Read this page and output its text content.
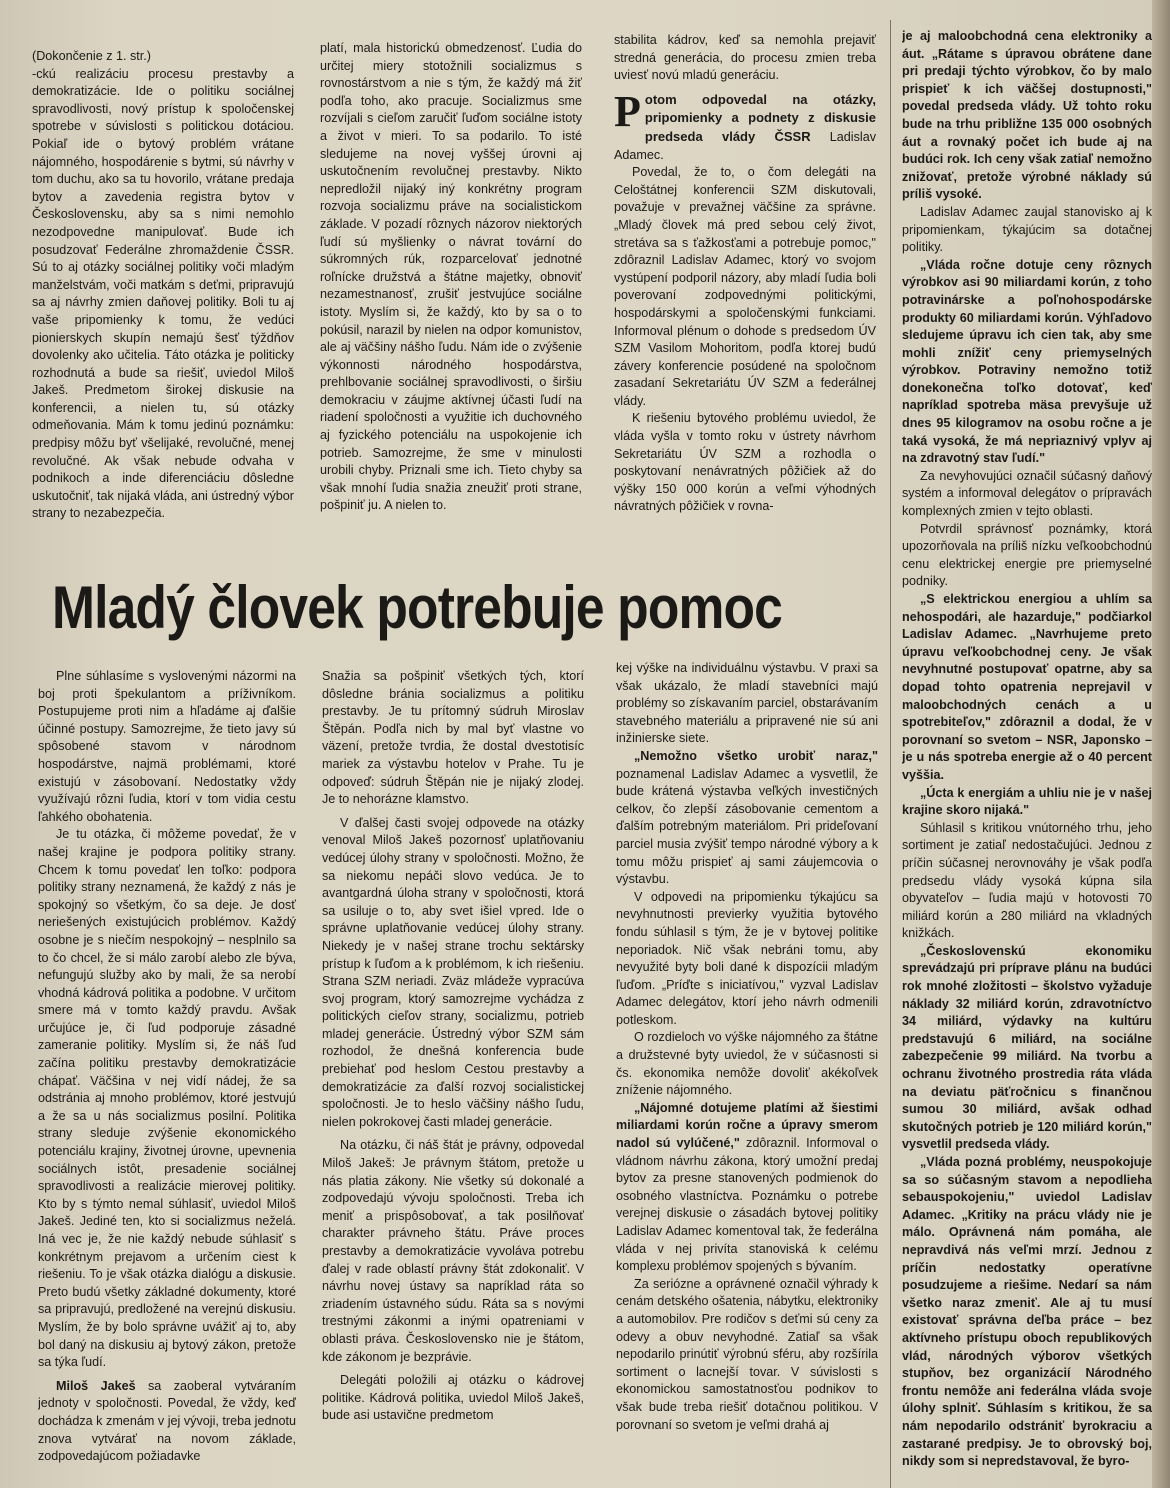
(Dokončenie z 1. str.)

-ckú realizáciu procesu prestavby a demokratizácie. Ide o politiku sociálnej spravodlivosti, nový prístup k spoločenskej spotrebe v súvislosti s politickou dotáciou. Pokiaľ ide o bytový problém vrátane nájomného, hospodárenie s bytmi, sú návrhy v tom duchu, ako sa tu hovorilo, vrátane predaja bytov a zavedenia registra bytov v Československu, aby sa s nimi nemohlo nezodpovedne manipulovať. Bude ich posudzovať Federálne zhromaždenie ČSSR. Sú to aj otázky sociálnej politiky voči mladým manželstvám, voči matkám s deťmi, pripravujú sa aj návrhy zmien daňovej politiky. Boli tu aj vaše pripomienky k tomu, že vedúci pionierskych skupín nemajú šesť týždňov dovolenky ako učitelia. Táto otázka je politicky rozhodnutá a bude sa riešiť, uviedol Miloš Jakeš. Predmetom širokej diskusie na konferencii, a nielen tu, sú otázky odmeňovania. Mám k tomu jedinú poznámku: predpisy môžu byť všelijaké, revolučné, menej revolučné. Ak však nebude odvaha v podnikoch a inde diferenciáciu dôsledne uskutočniť, tak nijaká vláda, ani ústredný výbor strany to nezabezpečia.

platí, mala historickú obmedzenosť. Ľudia do určitej miery stotožnili socializmus s rovnostárstvom a nie s tým, že každý má žiť podľa toho, ako pracuje. Socializmus sme rozvíjali s cieľom zaručiť ľuďom sociálne istoty a život v mieri. To sa podarilo. To isté sledujeme na novej vyššej úrovni aj uskutočnením revolučnej prestavby. Nikto nepredložil nijaký iný konkrétny program rozvoja socializmu práve na socialistickom základe. V pozadí rôznych názorov niektorých ľudí sú myšlienky o návrat tovární do súkromných rúk, rozparcelovať jednotné roľnícke družstvá a štátne majetky, obnoviť nezamestnanosť, zrušiť jestvujúce sociálne istoty. Myslím si, že každý, kto by sa o to pokúsil, narazil by nielen na odpor komunistov, ale aj väčšiny nášho ľudu. Nám ide o zvýšenie výkonnosti národného hospodárstva, prehlbovanie sociálnej spravodlivosti, o širšiu demokraciu v záujme aktívnej účasti ľudí na riadení spoločnosti a využitie ich duchovného aj fyzického potenciálu na uspokojenie ich potrieb. Samozrejme, že sme v minulosti urobili chyby. Priznali sme ich. Tieto chyby sa však mnohí ľudia snažia zneužiť proti strane, pošpiniť ju. A nielen to.

stabilita kádrov, keď sa nemohla prejaviť stredná generácia, do procesu zmien treba uviesť novú mladú generáciu.

Potom odpovedal na otázky, pripomienky a podnety z diskusie predseda vlády ČSSR Ladislav Adamec.

Povedal, že to, o čom delegáti na Celoštátnej konferencii SZM diskutovali, považuje v prevažnej väčšine za správne. „Mladý človek má pred sebou celý život, stretáva sa s ťažkosťami a potrebuje pomoc," zdôraznil Ladislav Adamec, ktorý vo svojom vystúpení podporil názory, aby mladí ľudia boli poverovaní zodpovednými politickými, hospodárskymi a spoločenskými funkciami. Informoval plénum o dohode s predsedom ÚV SZM Vasilom Mohoritom, podľa ktorej budú závery konferencie posúdené na spoločnom zasadaní Sekretariátu ÚV SZM a federálnej vlády.

K riešeniu bytového problému uviedol, že vláda vyšla v tomto roku v ústrety návrhom Sekretariátu ÚV SZM a rozhodla o poskytovaní nenávratných pôžičiek až do výšky 150 000 korún a veľmi výhodných návratných pôžičiek v rovna-

Mladý človek potrebuje pomoc

Plne súhlasíme s vyslovenými názormi na boj proti špekulantom a príživníkom. Postupujeme proti nim a hľadáme aj ďalšie účinné postupy. Samozrejme, že tieto javy sú spôsobené stavom v národnom hospodárstve, najmä problémami, ktoré existujú v zásobovaní. Nedostatky vždy využívajú rôzni ľudia, ktorí v tom vidia cestu ľahkého obohatenia.

Je tu otázka, či môžeme povedať, že v našej krajine je podpora politiky strany. Chcem k tomu povedať len toľko: podpora politiky strany neznamená, že každý z nás je spokojný so všetkým, čo sa deje. Je dosť neriešených existujúcich problémov. Každý osobne je s niečím nespokojný – nesplnilo sa to čo chcel, že si málo zarobí alebo zle býva, nefungujú služby ako by mali, že sa nerobí vhodná kádrová politika a podobne. V určitom smere má v tomto každý pravdu. Avšak určujúce je, či ľud podporuje zásadné zameranie politiky. Myslím si, že náš ľud začína politiku prestavby demokratizácie chápať. Väčšina v nej vidí nádej, že sa odstránia aj mnoho problémov, ktoré jestvujú a že sa u nás socializmus posilní. Politika strany sleduje zvýšenie ekonomického potenciálu krajiny, životnej úrovne, upevnenia sociálnych istôt, presadenie sociálnej spravodlivosti a realizácie mierovej politiky. Kto by s týmto nemal súhlasiť, uviedol Miloš Jakeš. Jediné ten, kto si socializmus neželá. Iná vec je, že nie každý nebude súhlasiť s konkrétnym prejavom a určením ciest k riešeniu. To je však otázka dialógu a diskusie. Preto budú všetky základné dokumenty, ktoré sa pripravujú, predložené na verejnú diskusiu. Myslím, že by bolo správne uvážiť aj to, aby bol daný na diskusiu aj bytový zákon, pretože sa týka ľudí.

Miloš Jakeš sa zaoberal vytváraním jednoty v spoločnosti. Povedal, že vždy, keď dochádza k zmenám v jej vývoji, treba jednotu znova vytvárať na novom základe, zodpovedajúcom požiadavke

Snažia sa pošpiniť všetkých tých, ktorí dôsledne bránia socializmus a politiku prestavby. Je tu prítomný súdruh Miroslav Štěpán. Podľa nich by mal byť vlastne vo väzení, pretože tvrdia, že dostal dvestotisíc mariek za výstavbu hotelov v Prahe. Tu je odpoveď: súdruh Štěpán nie je nijaký zlodej. Je to nehorázne klamstvo.

V ďalšej časti svojej odpovede na otázky venoval Miloš Jakeš pozornosť uplatňovaniu vedúcej úlohy strany v spoločnosti. Možno, že sa niekomu nepáči slovo vedúca. Je to avantgardná úloha strany v spoločnosti, ktorá sa usiluje o to, aby svet išiel vpred. Ide o správne uplatňovanie vedúcej úlohy strany. Niekedy je v našej strane trochu sektársky prístup k ľuďom a k problémom, k ich riešeniu. Strana SZM neriadi. Zväz mládeže vypracúva svoj program, ktorý samozrejme vychádza z politických cieľov strany, socializmu, potrieb mladej generácie. Ústredný výbor SZM sám rozhodol, že dnešná konferencia bude prebiehať pod heslom Cestou prestavby a demokratizácie za ďalší rozvoj socialistickej spoločnosti. Je to heslo väčšiny nášho ľudu, nielen pokrokovej časti mladej generácie.

Na otázku, či náš štát je právny, odpovedal Miloš Jakeš: Je právnym štátom, pretože u nás platia zákony. Nie všetky sú dokonalé a zodpovedajú vývoju spoločnosti. Treba ich meniť a prispôsobovať, a tak posilňovať charakter právneho štátu. Práve proces prestavby a demokratizácie vyvoláva potrebu ďalej v rade oblastí právny štát zdokonaliť. V návrhu novej ústavy sa napríklad ráta so zriadením ústavného súdu. Ráta sa s novými trestnými zákonmi a inými opatreniami v oblasti práva. Československo nie je štátom, kde zákonom je bezprávie.

Delegáti položili aj otázku o kádrovej politike. Kádrová politika, uviedol Miloš Jakeš, bude asi ustavične predmetom

kej výške na individuálnu výstavbu. V praxi sa však ukázalo, že mladí stavebníci majú problémy so získavaním parciel, obstarávaním stavebného materiálu a pripravené nie sú ani inžinierske siete.

„Nemožno všetko urobiť naraz," poznamenal Ladislav Adamec a vysvetlil, že bude krátená výstavba veľkých investičných celkov, čo zlepší zásobovanie cementom a ďalším potrebným materiálom. Pri prideľovaní parciel musia zvýšiť tempo národné výbory a k tomu môžu prispieť aj sami záujemcovia o výstavbu.

V odpovedi na pripomienku týkajúcu sa nevyhnutnosti previerky využitia bytového fondu súhlasil s tým, že je v bytovej politike neporiadok. Nič však nebráni tomu, aby nevyužité byty boli dané k dispozícii mladým ľuďom. „Príďte s iniciatívou," vyzval Ladislav Adamec delegátov, ktorí jeho návrh odmenili potleskom.

O rozdieloch vo výške nájomného za štátne a družstevné byty uviedol, že v súčasnosti si čs. ekonomika nemôže dovoliť akékoľvek zníženie nájomného.

„Nájomné dotujeme platími až šiestimi miliardami korún ročne a úpravy smerom nadol sú vylúčené," zdôraznil. Informoval o vládnom návrhu zákona, ktorý umožní predaj bytov za presne stanovených podmienok do osobného vlastníctva. Poznámku o potrebe verejnej diskusie o zásadách bytovej politiky Ladislav Adamec komentoval tak, že federálna vláda v nej privíta stanoviská k celému komplexu problémov spojených s bývaním.

Za seriózne a oprávnené označil výhrady k cenám detského ošatenia, nábytku, elektroniky a automobilov. Pre rodičov s deťmi sú ceny za odevy a obuv nevyhodné. Zatiaľ sa však nepodarilo prinútiť výrobnú sféru, aby rozšírila sortiment o lacnejší tovar. V súvislosti s ekonomickou samostatnosťou podnikov to však bude treba riešiť dotačnou politikou. V porovnaní so svetom je veľmi drahá aj

je aj maloobchodná cena elektroniky a áut. „Rátame s úpravou obrátene dane pri predaji týchto výrobkov, čo by malo prispieť k ich väčšej dostupnosti," povedal predseda vlády. Už tohto roku bude na trhu približne 135 000 osobných áut a rovnaký počet ich bude aj na budúci rok. Ich ceny však zatiaľ nemožno znižovať, pretože výrobné náklady sú príliš vysoké.

Ladislav Adamec zaujal stanovisko aj k pripomienkam, týkajúcim sa dotačnej politiky.

„Vláda ročne dotuje ceny rôznych výrobkov asi 90 miliardami korún, z toho potravinárske a poľnohospodárske produkty 60 miliardami korún. Výhľadovo sledujeme úpravu ich cien tak, aby sme mohli znížiť ceny priemyselných výrobkov. Potraviny nemožno totiž donekonečna toľko dotovať, keď napríklad spotreba mäsa prevyšuje už dnes 95 kilogramov na osobu ročne a je taká vysoká, že má nepriaznivý vplyv aj na zdravotný stav ľudí."

Za nevyhovujúci označil súčasný daňový systém a informoval delegátov o prípravách komplexných zmien v tejto oblasti.

Potvrdil správnosť poznámky, ktorá upozorňovala na príliš nízku veľkoobchodnú cenu elektrickej energie pre priemyselné podniky.

„S elektrickou energiou a uhlím sa nehospodári, ale hazarduje," podčiarkol Ladislav Adamec. „Navrhujeme preto úpravu veľkoobchodnej ceny. Je však nevyhnutné postupovať opatrne, aby sa dopad tohto opatrenia neprejavil v maloobchodných cenách a u spotrebiteľov," zdôraznil a dodal, že v porovnaní so svetom – NSR, Japonsko – je u nás spotreba energie až o 40 percent vyššia.

„Úcta k energiám a uhliu nie je v našej krajine skoro nijaká."

Súhlasil s kritikou vnútorného trhu, jeho sortiment je zatiaľ nedostačujúci. Jednou z príčin súčasnej nerovnováhy je však podľa predsedu vlády vysoká kúpna sila obyvateľov – ľudia majú v hotovosti 70 miliárd korún a 280 miliárd na vkladných knižkách.

„Československú ekonomiku sprevádzajú pri príprave plánu na budúci rok mnohé zložitosti – školstvo vyžaduje náklady 32 miliárd korún, zdravotníctvo 34 miliárd, výdavky na kultúru predstavujú 6 miliárd, na sociálne zabezpečenie 99 miliárd. Na tvorbu a ochranu životného prostredia ráta vláda na deviatu päťročnicu s finančnou sumou 30 miliárd, avšak odhad skutočných potrieb je 120 miliárd korún," vysvetlil predseda vlády.

„Vláda pozná problémy, neuspokojuje sa so súčasným stavom a nepodlieha sebauspokojeniu," uviedol Ladislav Adamec. „Kritiky na prácu vlády nie je málo. Oprávnená nám pomáha, ale nepravdivá nás veľmi mrzí. Jednou z príčin nedostatky operatívne posudzujeme a riešime. Nedarí sa nám všetko naraz zmeniť. Ale aj tu musí existovať správna deľba práce – bez aktívneho prístupu oboch republikových vlád, národných výborov všetkých stupňov, bez organizácií Národného frontu nemôže ani federálna vláda svoje úlohy splniť. Súhlasím s kritikou, že sa nám nepodarilo odstrániť byrokraciu a zastarané predpisy. Je to obrovský boj, nikdy som si nepredstavoval, že byro-
